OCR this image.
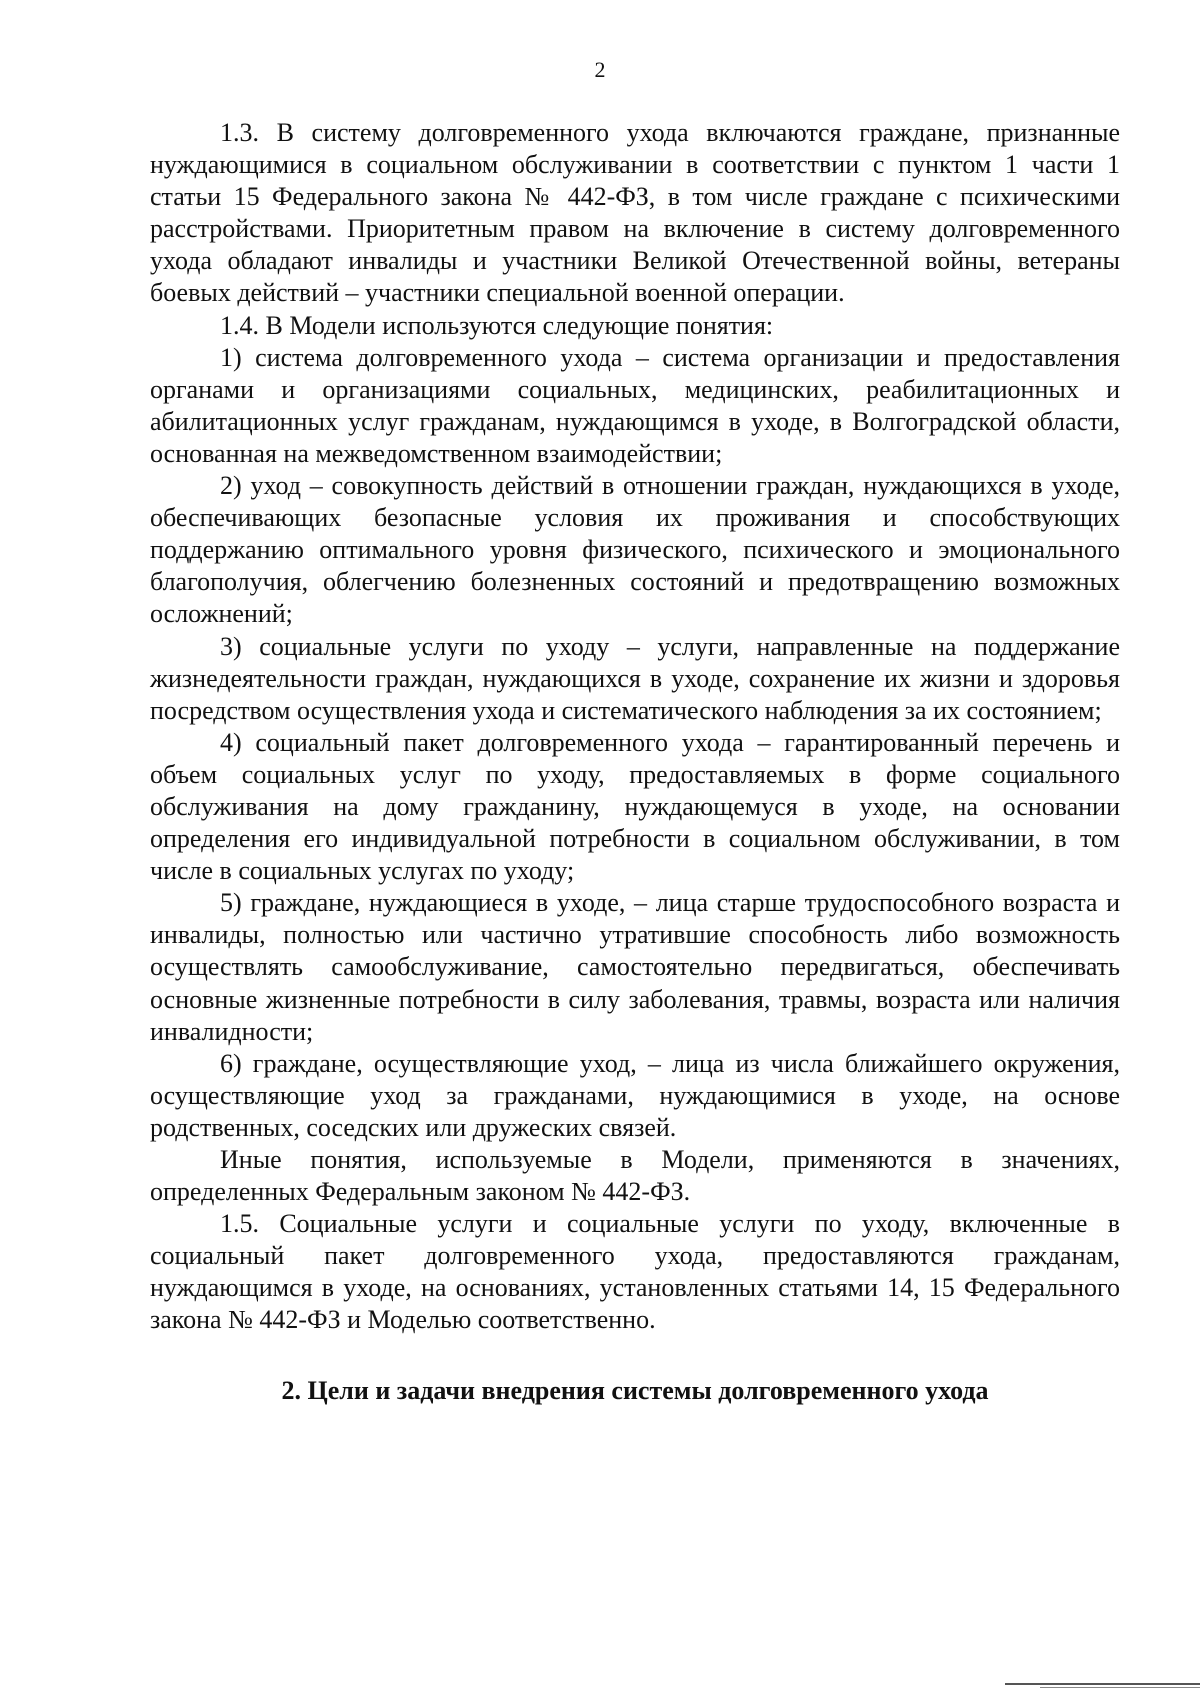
2

1.3. В систему долговременного ухода включаются граждане, признанные нуждающимися в социальном обслуживании в соответствии с пунктом 1 части 1 статьи 15 Федерального закона № 442-ФЗ, в том числе граждане с психическими расстройствами. Приоритетным правом на включение в систему долговременного ухода обладают инвалиды и участники Великой Отечественной войны, ветераны боевых действий – участники специальной военной операции.

1.4. В Модели используются следующие понятия:

1) система долговременного ухода – система организации и предоставления органами и организациями социальных, медицинских, реабилитационных и абилитационных услуг гражданам, нуждающимся в уходе, в Волгоградской области, основанная на межведомственном взаимодействии;

2) уход – совокупность действий в отношении граждан, нуждающихся в уходе, обеспечивающих безопасные условия их проживания и способствующих поддержанию оптимального уровня физического, психического и эмоционального благополучия, облегчению болезненных состояний и предотвращению возможных осложнений;

3) социальные услуги по уходу – услуги, направленные на поддержание жизнедеятельности граждан, нуждающихся в уходе, сохранение их жизни и здоровья посредством осуществления ухода и систематического наблюдения за их состоянием;

4) социальный пакет долговременного ухода – гарантированный перечень и объем социальных услуг по уходу, предоставляемых в форме социального обслуживания на дому гражданину, нуждающемуся в уходе, на основании определения его индивидуальной потребности в социальном обслуживании, в том числе в социальных услугах по уходу;

5) граждане, нуждающиеся в уходе, – лица старше трудоспособного возраста и инвалиды, полностью или частично утратившие способность либо возможность осуществлять самообслуживание, самостоятельно передвигаться, обеспечивать основные жизненные потребности в силу заболевания, травмы, возраста или наличия инвалидности;

6) граждане, осуществляющие уход, – лица из числа ближайшего окружения, осуществляющие уход за гражданами, нуждающимися в уходе, на основе родственных, соседских или дружеских связей.

Иные понятия, используемые в Модели, применяются в значениях, определенных Федеральным законом № 442-ФЗ.

1.5. Социальные услуги и социальные услуги по уходу, включенные в социальный пакет долговременного ухода, предоставляются гражданам, нуждающимся в уходе, на основаниях, установленных статьями 14, 15 Федерального закона № 442-ФЗ и Моделью соответственно.

2. Цели и задачи внедрения системы долговременного ухода
